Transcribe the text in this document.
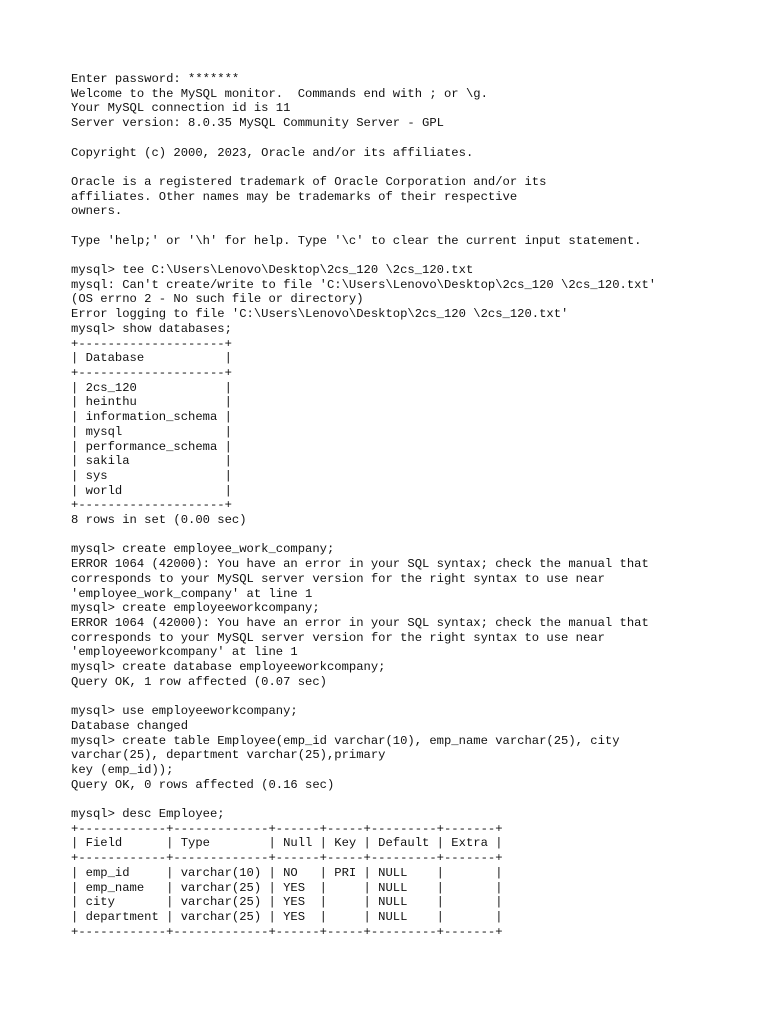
Enter password: *******
Welcome to the MySQL monitor.  Commands end with ; or \g.
Your MySQL connection id is 11
Server version: 8.0.35 MySQL Community Server - GPL
Copyright (c) 2000, 2023, Oracle and/or its affiliates.
Oracle is a registered trademark of Oracle Corporation and/or its
affiliates. Other names may be trademarks of their respective
owners.
Type 'help;' or '\h' for help. Type '\c' to clear the current input statement.
mysql> tee C:\Users\Lenovo\Desktop\2cs_120 \2cs_120.txt
mysql: Can't create/write to file 'C:\Users\Lenovo\Desktop\2cs_120 \2cs_120.txt'
(OS errno 2 - No such file or directory)
Error logging to file 'C:\Users\Lenovo\Desktop\2cs_120 \2cs_120.txt'
mysql> show databases;
+--------------------+
| Database           |
+--------------------+
| 2cs_120            |
| heinthu            |
| information_schema |
| mysql              |
| performance_schema |
| sakila             |
| sys                |
| world              |
+--------------------+
8 rows in set (0.00 sec)
mysql> create employee_work_company;
ERROR 1064 (42000): You have an error in your SQL syntax; check the manual that
corresponds to your MySQL server version for the right syntax to use near
'employee_work_company' at line 1
mysql> create employeeworkcompany;
ERROR 1064 (42000): You have an error in your SQL syntax; check the manual that
corresponds to your MySQL server version for the right syntax to use near
'employeeworkcompany' at line 1
mysql> create database employeeworkcompany;
Query OK, 1 row affected (0.07 sec)
mysql> use employeeworkcompany;
Database changed
mysql> create table Employee(emp_id varchar(10), emp_name varchar(25), city
varchar(25), department varchar(25),primary
key (emp_id));
Query OK, 0 rows affected (0.16 sec)
mysql> desc Employee;
+------------+-------------+------+-----+---------+-------+
| Field      | Type        | Null | Key | Default | Extra |
+------------+-------------+------+-----+---------+-------+
| emp_id     | varchar(10) | NO   | PRI | NULL    |       |
| emp_name   | varchar(25) | YES  |     | NULL    |       |
| city       | varchar(25) | YES  |     | NULL    |       |
| department | varchar(25) | YES  |     | NULL    |       |
+------------+-------------+------+-----+---------+-------+
